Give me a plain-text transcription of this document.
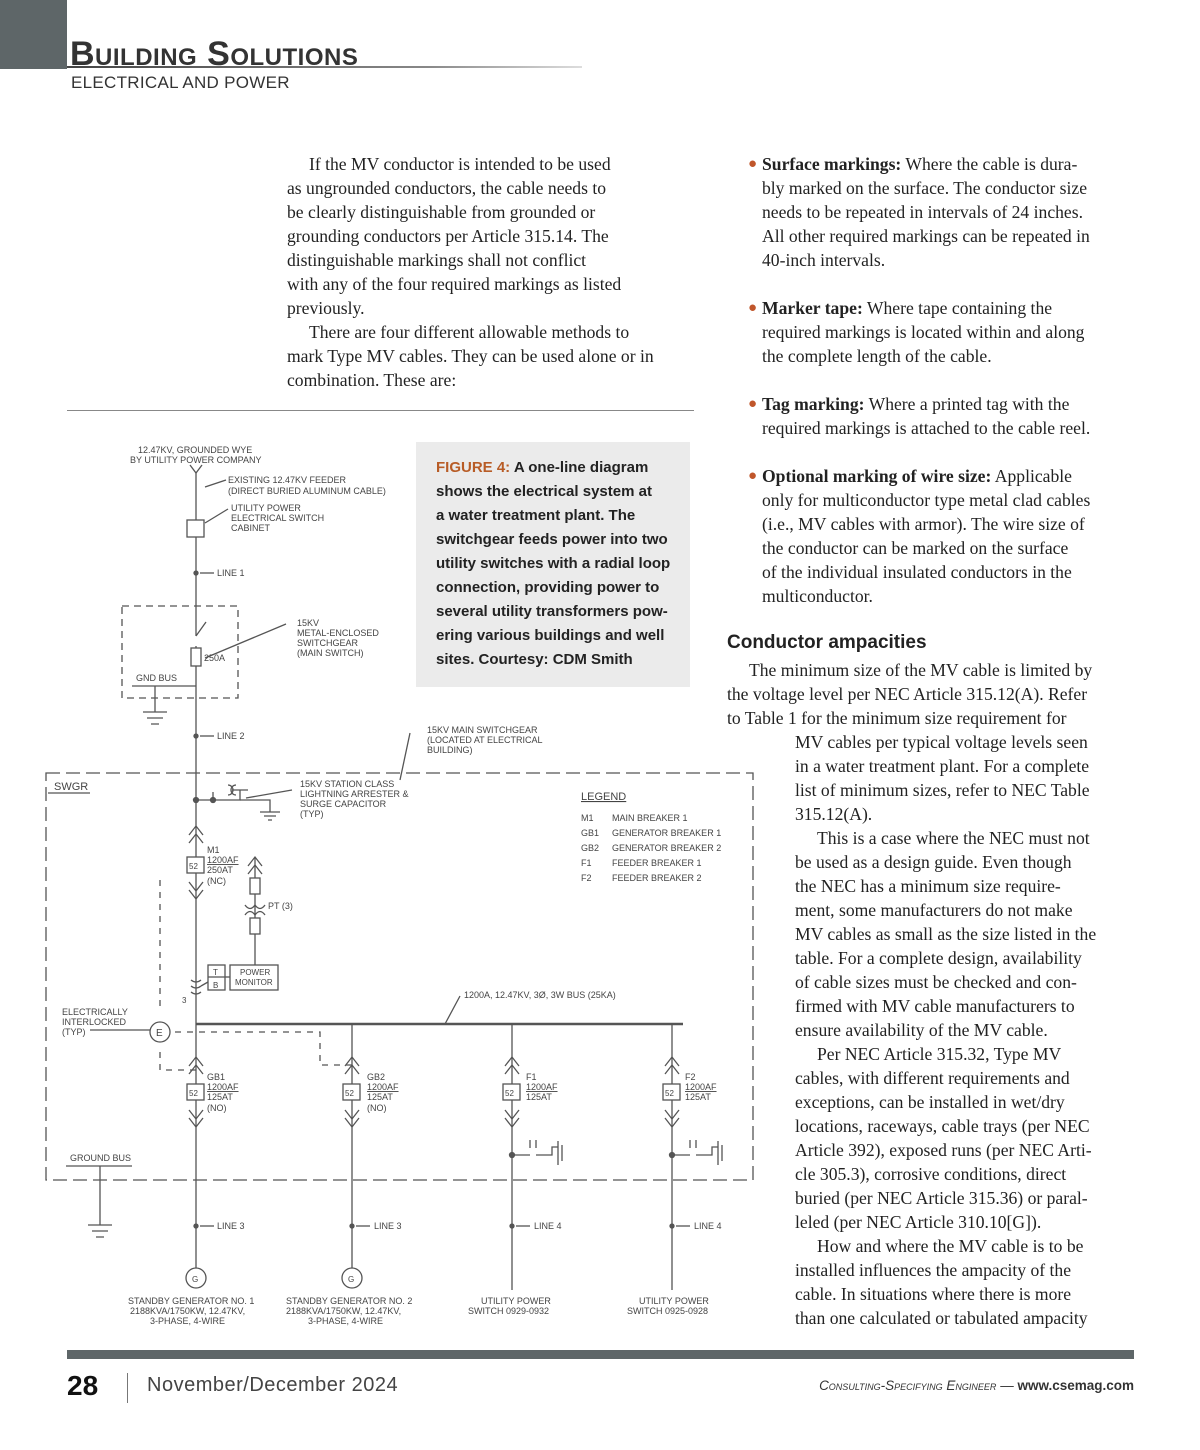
Building Solutions
ELECTRICAL AND POWER
If the MV conductor is intended to be used
as ungrounded conductors, the cable needs to
be clearly distinguishable from grounded or
grounding conductors per Article 315.14. The
distinguishable markings shall not conflict
with any of the four required markings as listed
previously.
There are four different allowable methods to
mark Type MV cables. They can be used alone or in
combination. These are:
● Surface markings: Where the cable is dura-
bly marked on the surface. The conductor size
needs to be repeated in intervals of 24 inches.
All other required markings can be repeated in
40-inch intervals.
● Marker tape: Where tape containing the
required markings is located within and along
the complete length of the cable.
● Tag marking: Where a printed tag with the
required markings is attached to the cable reel.
● Optional marking of wire size: Applicable
only for multiconductor type metal clad cables
(i.e., MV cables with armor). The wire size of
the conductor can be marked on the surface
of the individual insulated conductors in the
multiconductor.
Conductor ampacities
The minimum size of the MV cable is limited by
the voltage level per NEC Article 315.12(A). Refer
to Table 1 for the minimum size requirement for
MV cables per typical voltage levels seen
in a water treatment plant. For a complete
list of minimum sizes, refer to NEC Table
315.12(A).
This is a case where the NEC must not
be used as a design guide. Even though
the NEC has a minimum size require-
ment, some manufacturers do not make
MV cables as small as the size listed in the
table. For a complete design, availability
of cable sizes must be checked and con-
firmed with MV cable manufacturers to
ensure availability of the MV cable.
Per NEC Article 315.32, Type MV
cables, with different requirements and
exceptions, can be installed in wet/dry
locations, raceways, cable trays (per NEC
Article 392), exposed runs (per NEC Arti-
cle 305.3), corrosive conditions, direct
buried (per NEC Article 315.36) or paral-
leled (per NEC Article 310.10[G]).
How and where the MV cable is to be
installed influences the ampacity of the
cable. In situations where there is more
than one calculated or tabulated ampacity
12.47KV, GROUNDED WYE
BY UTILITY POWER COMPANY
EXISTING 12.47KV FEEDER
(DIRECT BURIED ALUMINUM CABLE)
UTILITY POWER
ELECTRICAL SWITCH
CABINET
LINE 1
15KV
METAL-ENCLOSED
SWITCHGEAR
(MAIN SWITCH)
250A
GND BUS
LINE 2
15KV MAIN SWITCHGEAR
(LOCATED AT ELECTRICAL
BUILDING)
SWGR	15KV STATION CLASS
LIGHTNING ARRESTER &
SURGE CAPACITOR
(TYP)
LEGEND
M1 MAIN BREAKER 1
GB1 GENERATOR BREAKER 1
GB2 GENERATOR BREAKER 2
F1 FEEDER BREAKER 1
F2 FEEDER BREAKER 2
M1
1200AF
250AT
(NC)
52
PT (3)
T
B
POWER
MONITOR
3
1200A, 12.47KV, 3Ø, 3W BUS (25KA)
ELECTRICALLY
INTERLOCKED
(TYP)	E
GB1
1200AF
125AT
(NO)
52
GB2
1200AF
125AT
(NO)
52
F1
1200AF
125AT
52
F2
1200AF
125AT
52
GROUND BUS
LINE 3	LINE 3	LINE 4	LINE 4
G	G
STANDBY GENERATOR NO. 1
2188KVA/1750KW, 12.47KV,
3-PHASE, 4-WIRE
STANDBY GENERATOR NO. 2
2188KVA/1750KW, 12.47KV,
3-PHASE, 4-WIRE
UTILITY POWER
SWITCH 0929-0932
UTILITY POWER
SWITCH 0925-0928
FIGURE 4: A one-line diagram
shows the electrical system at
a water treatment plant. The
switchgear feeds power into two
utility switches with a radial loop
connection, providing power to
several utility transformers pow-
ering various buildings and well
sites. Courtesy: CDM Smith
28 November/December 2024	Consulting-Specifying Engineer — www.csemag.com
